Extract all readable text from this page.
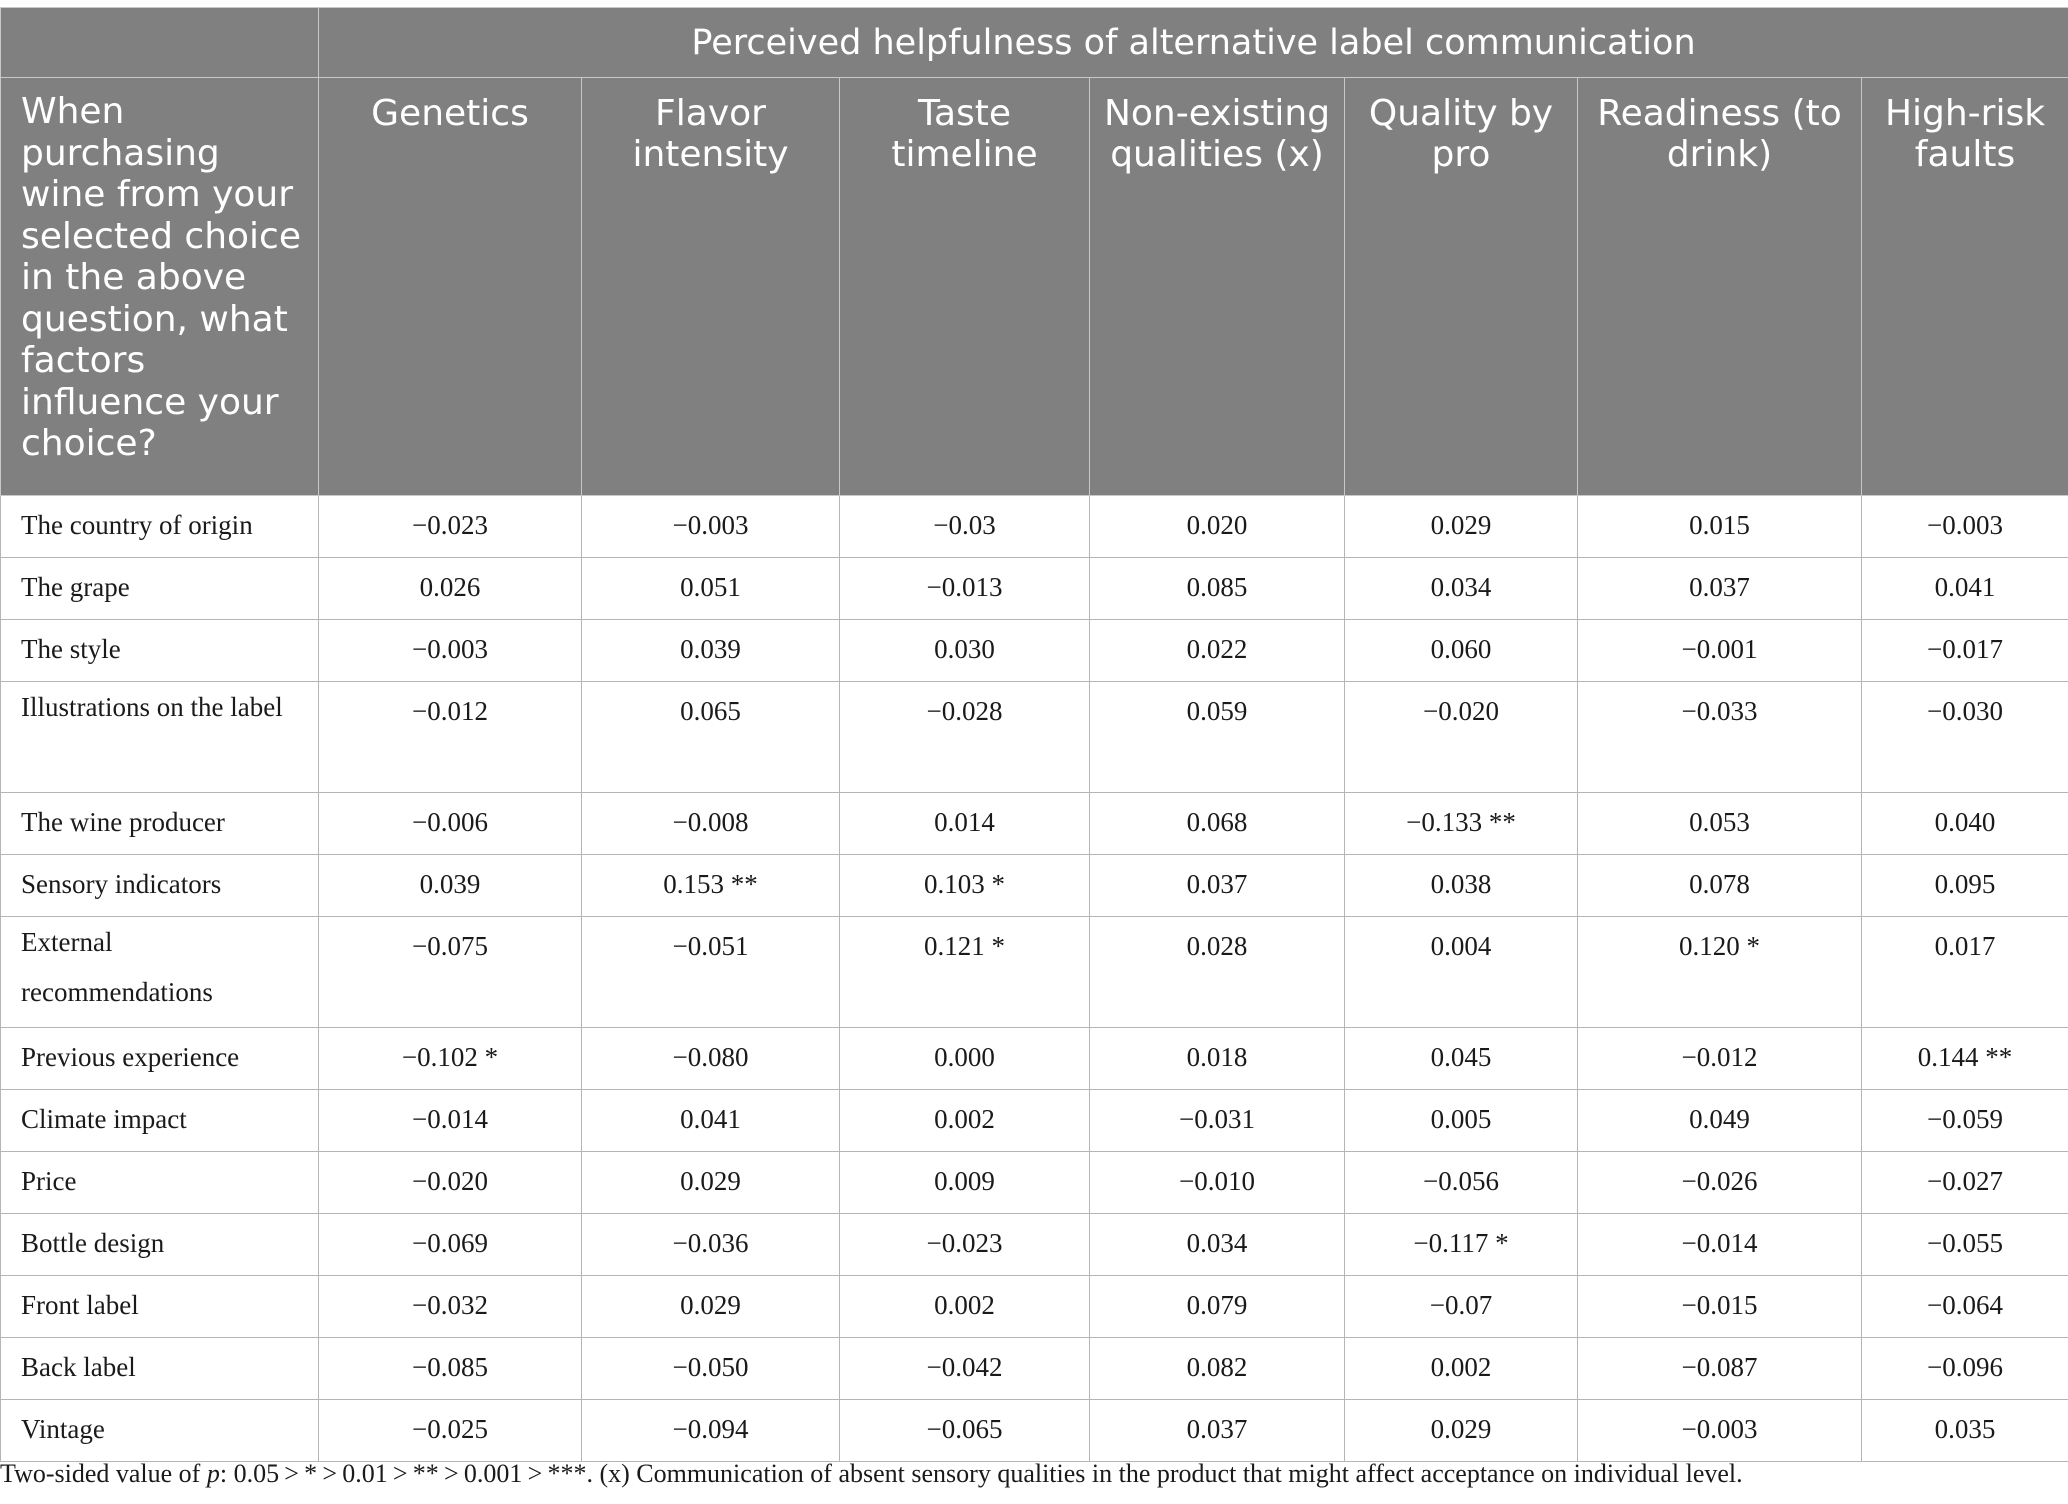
	Perceived helpfulness of alternative label communication						
When purchasing wine from your selected choice in the above question, what factors influence your choice?	Genetics	Flavor intensity	Taste timeline	Non-existing qualities (x)	Quality by pro	Readiness (to drink)	High-risk faults
The country of origin	−0.023	−0.003	−0.03	0.020	0.029	0.015	−0.003
The grape	0.026	0.051	−0.013	0.085	0.034	0.037	0.041
The style	−0.003	0.039	0.030	0.022	0.060	−0.001	−0.017
Illustrations on the label	−0.012	0.065	−0.028	0.059	−0.020	−0.033	−0.030
The wine producer	−0.006	−0.008	0.014	0.068	−0.133 **	0.053	0.040
Sensory indicators	0.039	0.153 **	0.103 *	0.037	0.038	0.078	0.095
External recommendations	−0.075	−0.051	0.121 *	0.028	0.004	0.120 *	0.017
Previous experience	−0.102 *	−0.080	0.000	0.018	0.045	−0.012	0.144 **
Climate impact	−0.014	0.041	0.002	−0.031	0.005	0.049	−0.059
Price	−0.020	0.029	0.009	−0.010	−0.056	−0.026	−0.027
Bottle design	−0.069	−0.036	−0.023	0.034	−0.117 *	−0.014	−0.055
Front label	−0.032	0.029	0.002	0.079	−0.07	−0.015	−0.064
Back label	−0.085	−0.050	−0.042	0.082	0.002	−0.087	−0.096
Vintage	−0.025	−0.094	−0.065	0.037	0.029	−0.003	0.035
Two-sided value of p: 0.05 > * > 0.01 > ** > 0.001 > ***. (x) Communication of absent sensory qualities in the product that might affect acceptance on individual level.
